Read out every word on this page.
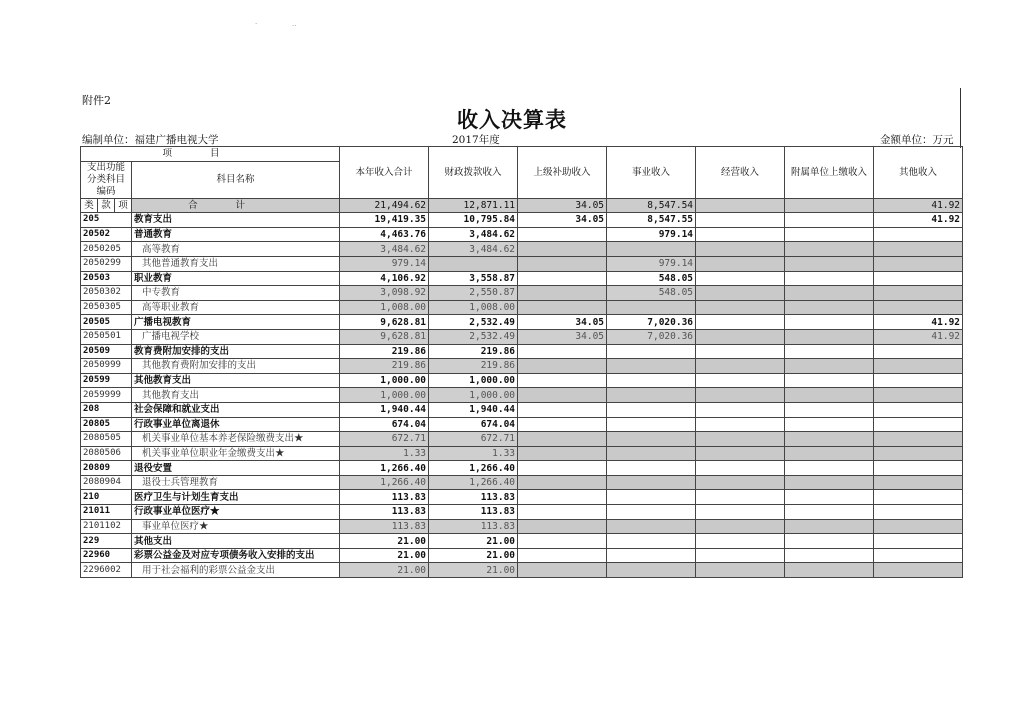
·	··
附件2
收入决算表
编制单位：福建广播电视大学	2017年度	金额单位：万元
项目				本年收入合计	财政拨款收入	上级补助收入	事业收入	经营收入	附属单位上缴收入	其他收入
支出功能分类科目编码			科目名称							
类	款	项	合计	21,494.62	12,871.11	34.05	8,547.54			41.92
205			教育支出	19,419.35	10,795.84	34.05	8,547.55			41.92
20502			普通教育	4,463.76	3,484.62		979.14			
2050205			高等教育	3,484.62	3,484.62					
2050299			其他普通教育支出	979.14			979.14			
20503			职业教育	4,106.92	3,558.87		548.05			
2050302			中专教育	3,098.92	2,550.87		548.05			
2050305			高等职业教育	1,008.00	1,008.00					
20505			广播电视教育	9,628.81	2,532.49	34.05	7,020.36			41.92
2050501			广播电视学校	9,628.81	2,532.49	34.05	7,020.36			41.92
20509			教育费附加安排的支出	219.86	219.86					
2050999			其他教育费附加安排的支出	219.86	219.86					
20599			其他教育支出	1,000.00	1,000.00					
2059999			其他教育支出	1,000.00	1,000.00					
208			社会保障和就业支出	1,940.44	1,940.44					
20805			行政事业单位离退休	674.04	674.04					
2080505			机关事业单位基本养老保险缴费支出★	672.71	672.71					
2080506			机关事业单位职业年金缴费支出★	1.33	1.33					
20809			退役安置	1,266.40	1,266.40					
2080904			退役士兵管理教育	1,266.40	1,266.40					
210			医疗卫生与计划生育支出	113.83	113.83					
21011			行政事业单位医疗★	113.83	113.83					
2101102			事业单位医疗★	113.83	113.83					
229			其他支出	21.00	21.00					
22960			彩票公益金及对应专项债务收入安排的支出	21.00	21.00					
2296002			用于社会福利的彩票公益金支出	21.00	21.00					
